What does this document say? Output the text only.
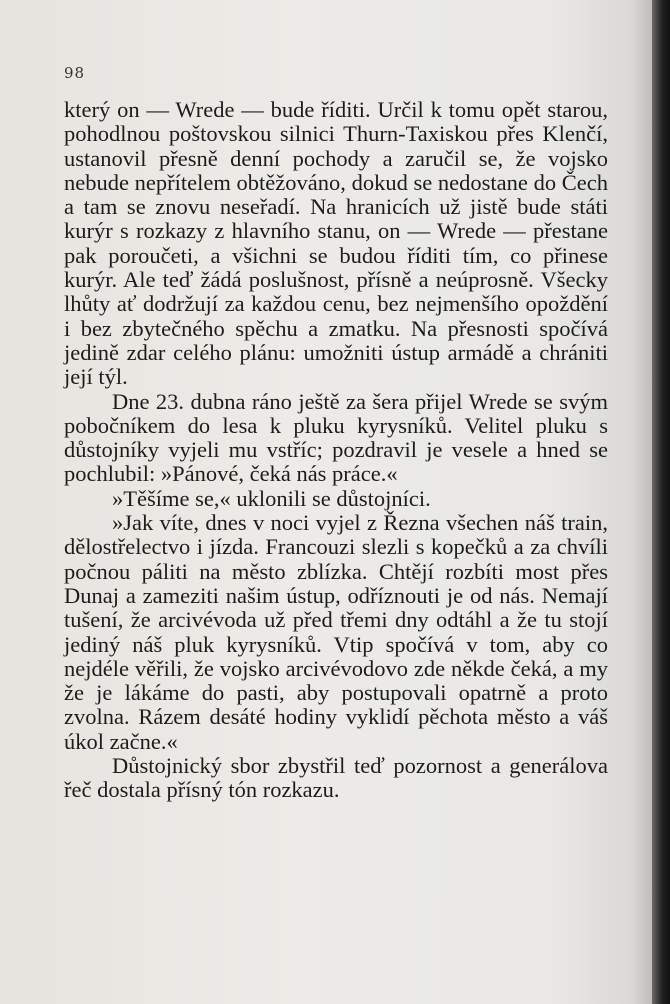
98

který on — Wrede — bude říditi. Určil k tomu opět starou, pohodlnou poštovskou silnici Thurn-Taxiskou přes Klenčí, ustanovil přesně denní pochody a zaručil se, že vojsko nebude nepřítelem obtěžováno, dokud se nedostane do Čech a tam se znovu neseřadí. Na hranicích už jistě bude státi kurýr s rozkazy z hlavního stanu, on — Wrede — přestane pak poroučeti, a všichni se budou říditi tím, co přinese kurýr. Ale teď žádá poslušnost, přísně a neúprosně. Všecky lhůty ať dodržují za každou cenu, bez nejmenšího opoždění i bez zbytečného spěchu a zmatku. Na přesnosti spočívá jedině zdar celého plánu: umožniti ústup armádě a chrániti její týl.

Dne 23. dubna ráno ještě za šera přijel Wrede se svým pobočníkem do lesa k pluku kyrysníků. Velitel pluku s důstojníky vyjeli mu vstříc; pozdravil je vesele a hned se pochlubil: »Pánové, čeká nás práce.«

»Těšíme se,« uklonili se důstojníci.

»Jak víte, dnes v noci vyjel z Řezna všechen náš train, dělostřelectvo i jízda. Francouzi slezli s kopečků a za chvíli počnou páliti na město zblízka. Chtějí rozbíti most přes Dunaj a zameziti našim ústup, odříznouti je od nás. Nemají tušení, že arcivévoda už před třemi dny odtáhl a že tu stojí jediný náš pluk kyrysníků. Vtip spočívá v tom, aby co nejdéle věřili, že vojsko arcivévodovo zde někde čeká, a my že je lákáme do pasti, aby postupovali opatrně a proto zvolna. Rázem desáté hodiny vyklidí pěchota město a váš úkol začne.«

Důstojnický sbor zbystřil teď pozornost a generálova řeč dostala přísný tón rozkazu.
